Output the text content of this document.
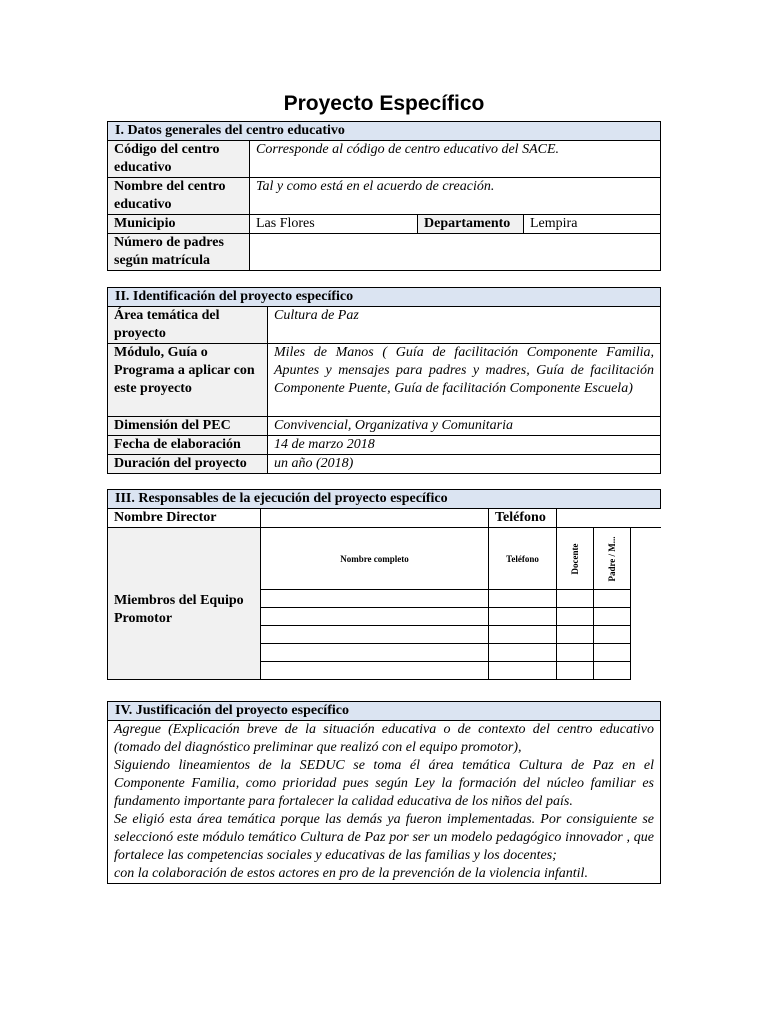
Proyecto Específico
I. Datos generales del centro educativo			
Código del centro educativo	Corresponde al código de centro educativo del SACE.		
Nombre del centro educativo	Tal y como está en el acuerdo de creación.		
Municipio	Las Flores	Departamento	Lempira
Número de padres según matrícula			
II. Identificación del proyecto específico	
Área temática del proyecto	Cultura de Paz
Módulo, Guía o Programa a aplicar con este proyecto	Miles de Manos ( Guía de facilitación Componente Familia, Apuntes y mensajes para padres y madres, Guía de facilitación Componente Puente, Guía de facilitación Componente Escuela)
Dimensión del PEC	Convivencial, Organizativa y Comunitaria
Fecha de elaboración	14 de marzo 2018
Duración del proyecto	un año (2018)
III. Responsables de la ejecución del proyecto específico					
Nombre Director		Teléfono			
Miembros del Equipo Promotor	Nombre completo	Teléfono	Docente	Padre / M...	

IV. Justificación del proyecto específico

Agregue (Explicación breve de la situación educativa o de contexto del centro educativo (tomado del diagnóstico preliminar que realizó con el equipo promotor),
Siguiendo lineamientos de la SEDUC se toma él área temática Cultura de Paz en el Componente Familia, como prioridad pues según Ley la formación del núcleo familiar es fundamento importante para fortalecer la calidad educativa de los niños del país.
Se eligió esta área temática porque las demás ya fueron implementadas. Por consiguiente se seleccionó este módulo temático Cultura de Paz por ser un modelo pedagógico innovador , que fortalece las competencias sociales y educativas de las familias y los docentes;
con la colaboración de estos actores en pro de la prevención de la violencia infantil.
